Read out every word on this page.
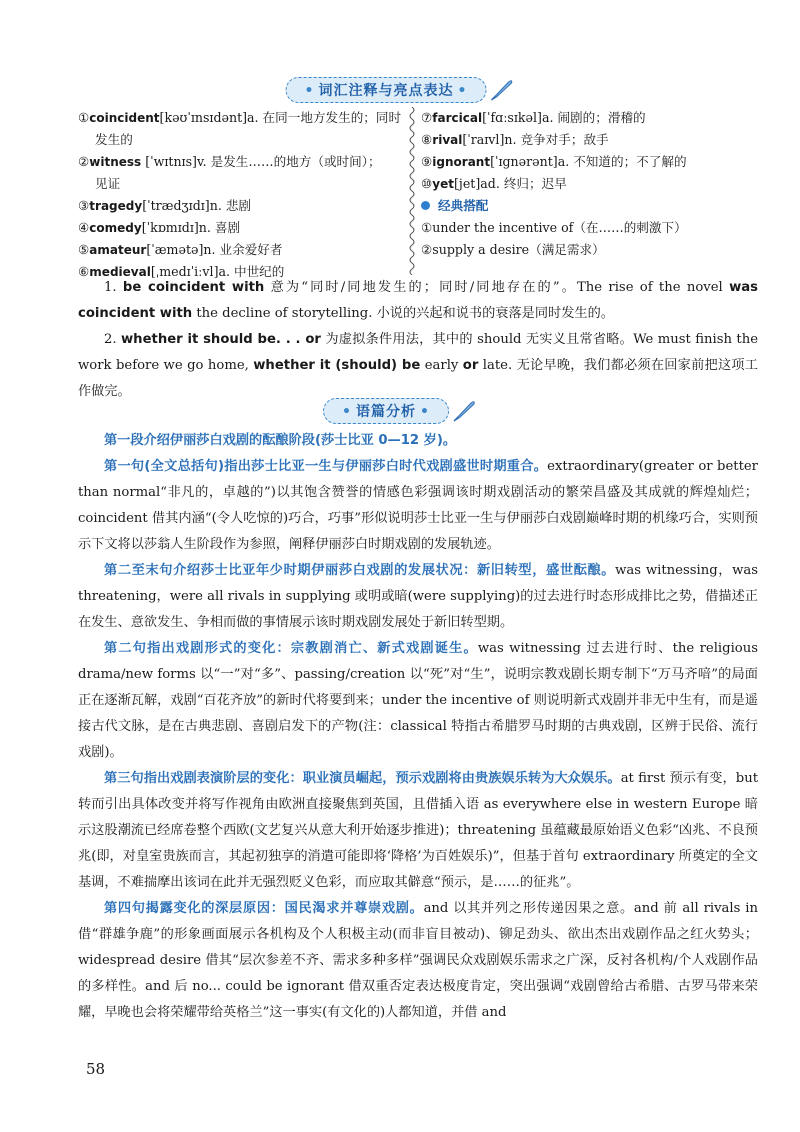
• 词汇注释与亮点表达 •
①coincident[kəʊˈɪnsɪdənt]a. 在同一地方发生的；同时
发生的
②witness [ˈwɪtnɪs]v. 是发生……的地方（或时间）；
见证
③tragedy[ˈtrædʒɪdɪ]n. 悲剧
④comedy[ˈkɒmɪdɪ]n. 喜剧
⑤amateur[ˈæmətə]n. 业余爱好者
⑥medieval[ˌmedɪˈiːvl]a. 中世纪的
⑦farcical[ˈfɑːsɪkəl]a. 闹剧的；滑稽的
⑧rival[ˈraɪvl]n. 竞争对手；敌手
⑨ignorant[ˈɪgnərənt]a. 不知道的；不了解的
⑩yet[jet]ad. 终归；迟早
经典搭配
①under the incentive of（在……的刺激下）
②supply a desire（满足需求）

1. be coincident with 意为“同时/同地发生的；同时/同地存在的”。The rise of the novel was coincident with the decline of storytelling. 小说的兴起和说书的衰落是同时发生的。

2. whether it should be. . . or 为虚拟条件用法，其中的 should 无实义且常省略。We must finish the work before we go home, whether it (should) be early or late. 无论早晚，我们都必须在回家前把这项工作做完。

• 语篇分析 •

第一段介绍伊丽莎白戏剧的酝酿阶段(莎士比亚 0—12 岁)。

第一句(全文总括句)指出莎士比亚一生与伊丽莎白时代戏剧盛世时期重合。extraordinary(greater or better than normal“非凡的，卓越的”)以其饱含赞誉的情感色彩强调该时期戏剧活动的繁荣昌盛及其成就的辉煌灿烂；coincident 借其内涵“(令人吃惊的)巧合，巧事”形似说明莎士比亚一生与伊丽莎白戏剧巅峰时期的机缘巧合，实则预示下文将以莎翁人生阶段作为参照，阐释伊丽莎白时期戏剧的发展轨迹。

第二至末句介绍莎士比亚年少时期伊丽莎白戏剧的发展状况：新旧转型，盛世酝酿。was witnessing，was threatening，were all rivals in supplying 或明或暗(were supplying)的过去进行时态形成排比之势，借描述正在发生、意欲发生、争相而做的事情展示该时期戏剧发展处于新旧转型期。

第二句指出戏剧形式的变化：宗教剧消亡、新式戏剧诞生。was witnessing 过去进行时、the religious drama/new forms 以“一”对“多”、passing/creation 以“死”对“生”，说明宗教戏剧长期专制下“万马齐喑”的局面正在逐渐瓦解，戏剧“百花齐放”的新时代将要到来；under the incentive of 则说明新式戏剧并非无中生有，而是遥接古代文脉，是在古典悲剧、喜剧启发下的产物(注：classical 特指古希腊罗马时期的古典戏剧，区辨于民俗、流行戏剧)。

第三句指出戏剧表演阶层的变化：职业演员崛起，预示戏剧将由贵族娱乐转为大众娱乐。at first 预示有变，but 转而引出具体改变并将写作视角由欧洲直接聚焦到英国，且借插入语 as everywhere else in western Europe 暗示这股潮流已经席卷整个西欧(文艺复兴从意大利开始逐步推进)；threatening 虽蕴藏最原始语义色彩“凶兆、不良预兆(即，对皇室贵族而言，其起初独享的消遣可能即将‘降格’为百姓娱乐)”，但基于首句 extraordinary 所奠定的全文基调，不难揣摩出该词在此并无强烈贬义色彩，而应取其僻意“预示，是……的征兆”。

第四句揭露变化的深层原因：国民渴求并尊崇戏剧。and 以其并列之形传递因果之意。and 前 all rivals in 借“群雄争鹿”的形象画面展示各机构及个人积极主动(而非盲目被动)、铆足劲头、欲出杰出戏剧作品之红火势头；widespread desire 借其“层次参差不齐、需求多种多样”强调民众戏剧娱乐需求之广深，反衬各机构/个人戏剧作品的多样性。and 后 no... could be ignorant 借双重否定表达极度肯定，突出强调“戏剧曾给古希腊、古罗马带来荣耀，早晚也会将荣耀带给英格兰”这一事实(有文化的)人都知道，并借 and

58
